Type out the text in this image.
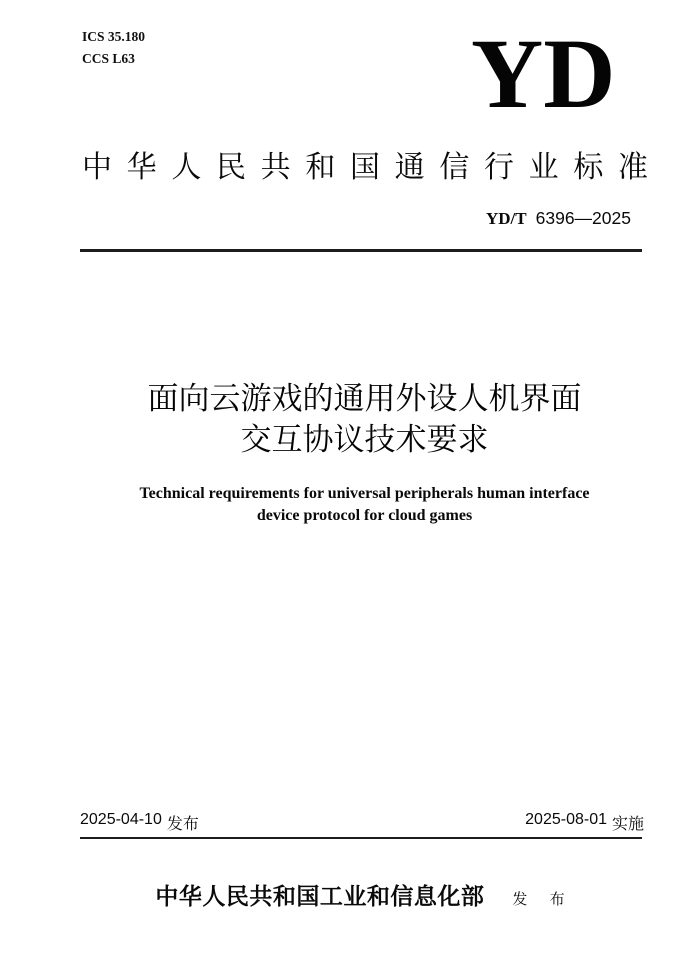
ICS 35.180
CCS L63	YD
中华人民共和国通信行业标准
YD/T 6396—2025
面向云游戏的通用外设人机界面
交互协议技术要求
Technical requirements for universal peripherals human interface
device protocol for cloud games
2025-04-10 发布	2025-08-01 实施
中华人民共和国工业和信息化部 发 布
